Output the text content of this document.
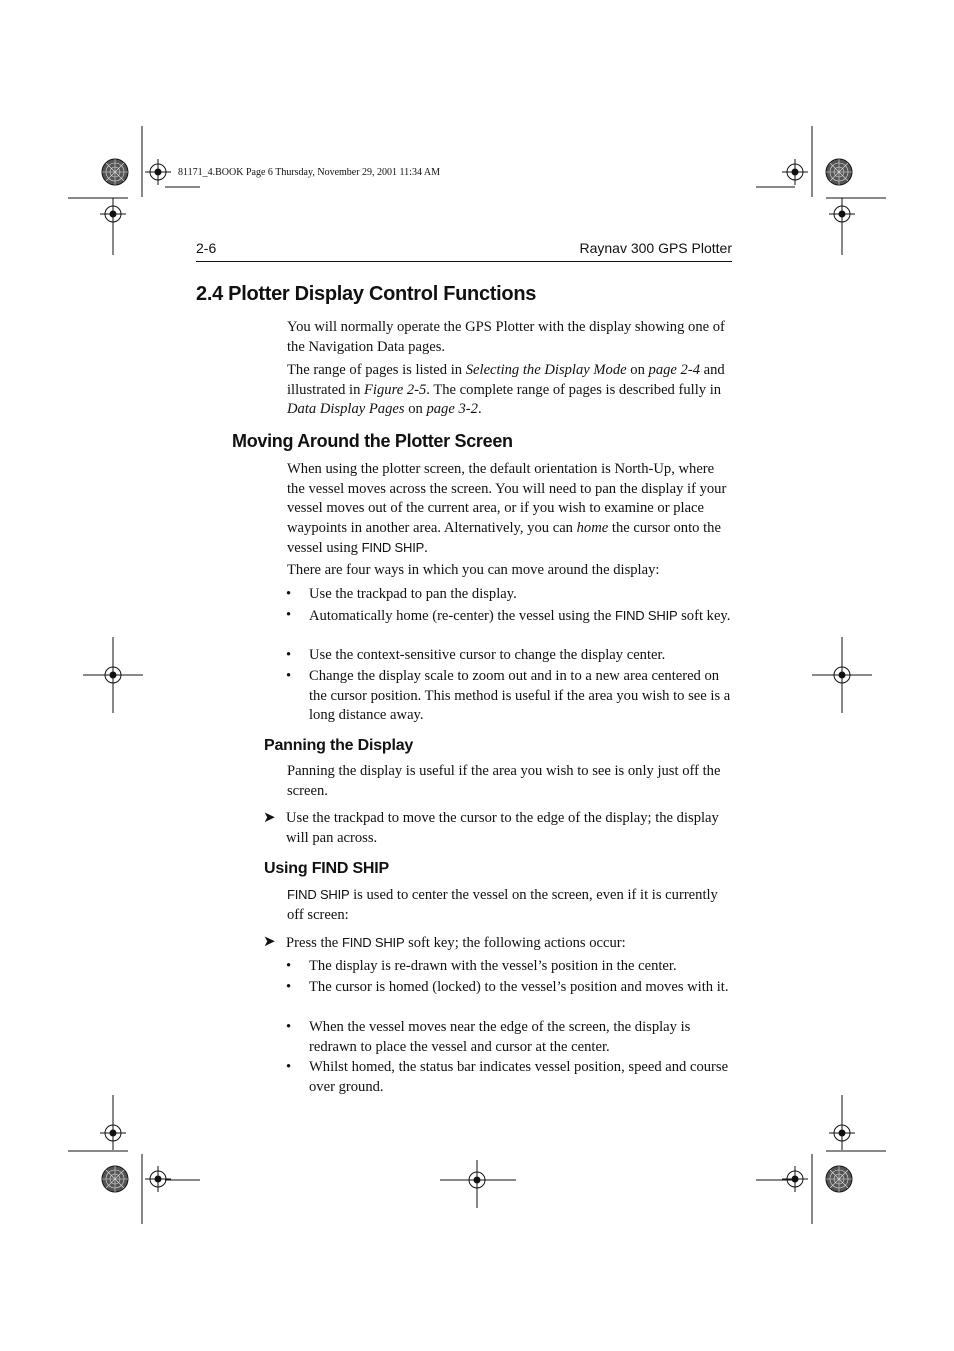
81171_4.BOOK Page 6 Thursday, November 29, 2001 11:34 AM
2-6	Raynav 300 GPS Plotter
2.4 Plotter Display Control Functions

You will normally operate the GPS Plotter with the display showing one of the Navigation Data pages.

The range of pages is listed in Selecting the Display Mode on page 2-4 and illustrated in Figure 2-5. The complete range of pages is described fully in Data Display Pages on page 3-2.

Moving Around the Plotter Screen

When using the plotter screen, the default orientation is North-Up, where the vessel moves across the screen. You will need to pan the display if your vessel moves out of the current area, or if you wish to examine or place waypoints in another area. Alternatively, you can home the cursor onto the vessel using FIND SHIP.

There are four ways in which you can move around the display:

• Use the trackpad to pan the display.
• Automatically home (re-center) the vessel using the FIND SHIP soft key.
• Use the context-sensitive cursor to change the display center.
• Change the display scale to zoom out and in to a new area centered on the cursor position. This method is useful if the area you wish to see is a long distance away.
Panning the Display

Panning the display is useful if the area you wish to see is only just off the screen.

➤ Use the trackpad to move the cursor to the edge of the display; the display will pan across.
Using FIND SHIP

FIND SHIP is used to center the vessel on the screen, even if it is currently off screen:

➤ Press the FIND SHIP soft key; the following actions occur:
• The display is re-drawn with the vessel’s position in the center.
• The cursor is homed (locked) to the vessel’s position and moves with it.
• When the vessel moves near the edge of the screen, the display is redrawn to place the vessel and cursor at the center.
• Whilst homed, the status bar indicates vessel position, speed and course over ground.
